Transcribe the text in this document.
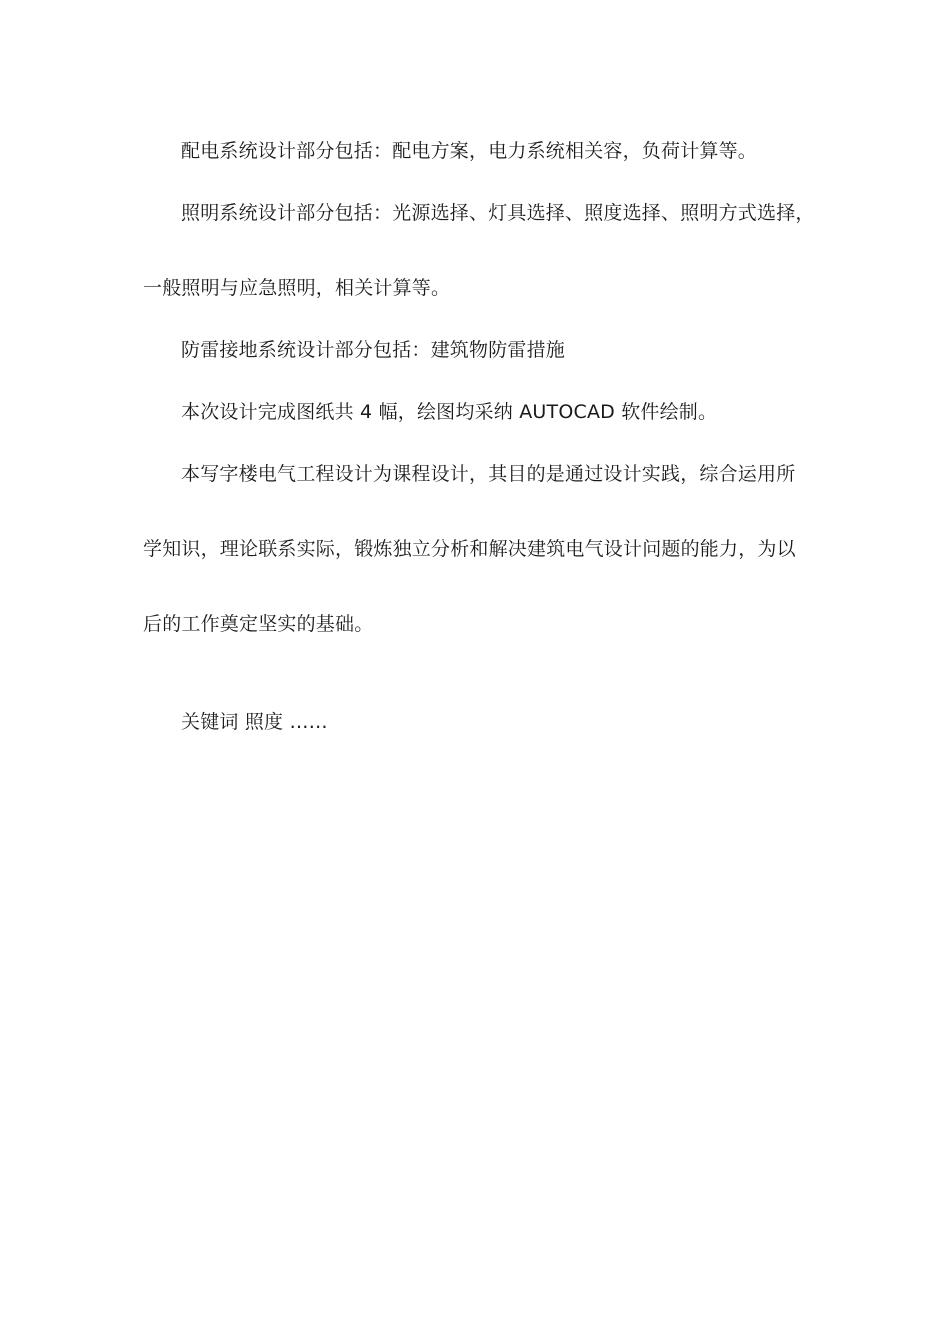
配电系统设计部分包括：配电方案，电力系统相关容，负荷计算等。
照明系统设计部分包括：光源选择、灯具选择、照度选择、照明方式选择，
一般照明与应急照明，相关计算等。
防雷接地系统设计部分包括：建筑物防雷措施
本次设计完成图纸共 4 幅，绘图均采纳 AUTOCAD 软件绘制。
本写字楼电气工程设计为课程设计，其目的是通过设计实践，综合运用所
学知识，理论联系实际，锻炼独立分析和解决建筑电气设计问题的能力，为以
后的工作奠定坚实的基础。
关键词 照度 ……
